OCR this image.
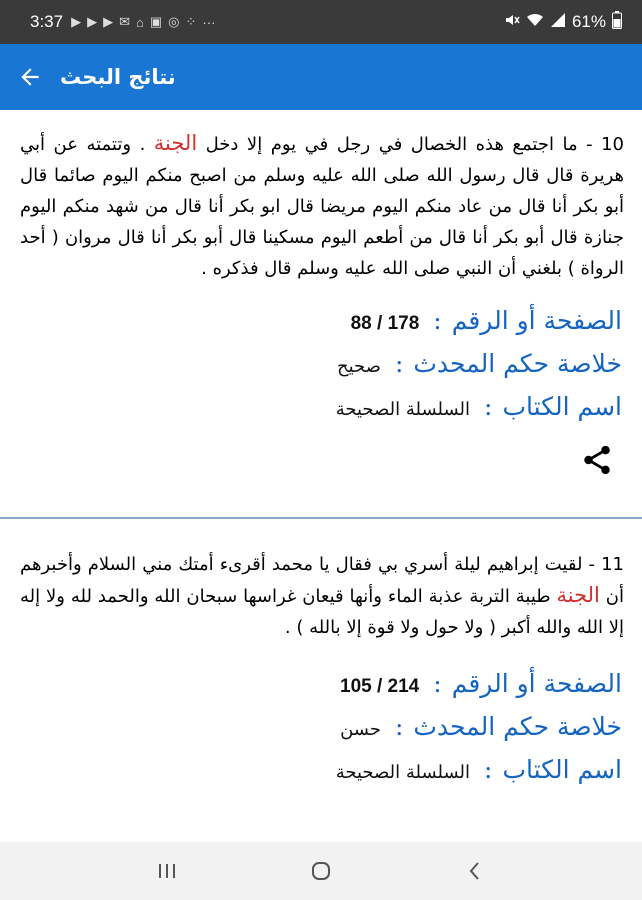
3:37 ▶ ▶ ▶ ✉ ⌂ ▣ ◎ ⁘ ···	61%
نتائج البحث

10 - ما اجتمع هذه الخصال في رجل في يوم إلا دخل الجنة . وتتمته عن أبي هريرة قال قال رسول الله صلى الله عليه وسلم من اصبح منكم اليوم صائما قال أبو بكر أنا قال من عاد منكم اليوم مريضا قال ابو بكر أنا قال من شهد منكم اليوم جنازة قال أبو بكر أنا قال من أطعم اليوم مسكينا قال أبو بكر أنا قال مروان ( أحد الرواة ) بلغني أن النبي صلى الله عليه وسلم قال فذكره .

الصفحة أو الرقم
:
88 / 178
خلاصة حكم المحدث
:
صحيح
اسم الكتاب
:
السلسلة الصحيحة

11 - لقيت إبراهيم ليلة أسري بي فقال يا محمد أقرىء أمتك مني السلام وأخبرهم أن الجنة طيبة التربة عذبة الماء وأنها قيعان غراسها سبحان الله والحمد لله ولا إله إلا الله والله أكبر ( ولا حول ولا قوة إلا بالله ) .

الصفحة أو الرقم
:
105 / 214
خلاصة حكم المحدث
:
حسن
اسم الكتاب
:
السلسلة الصحيحة
